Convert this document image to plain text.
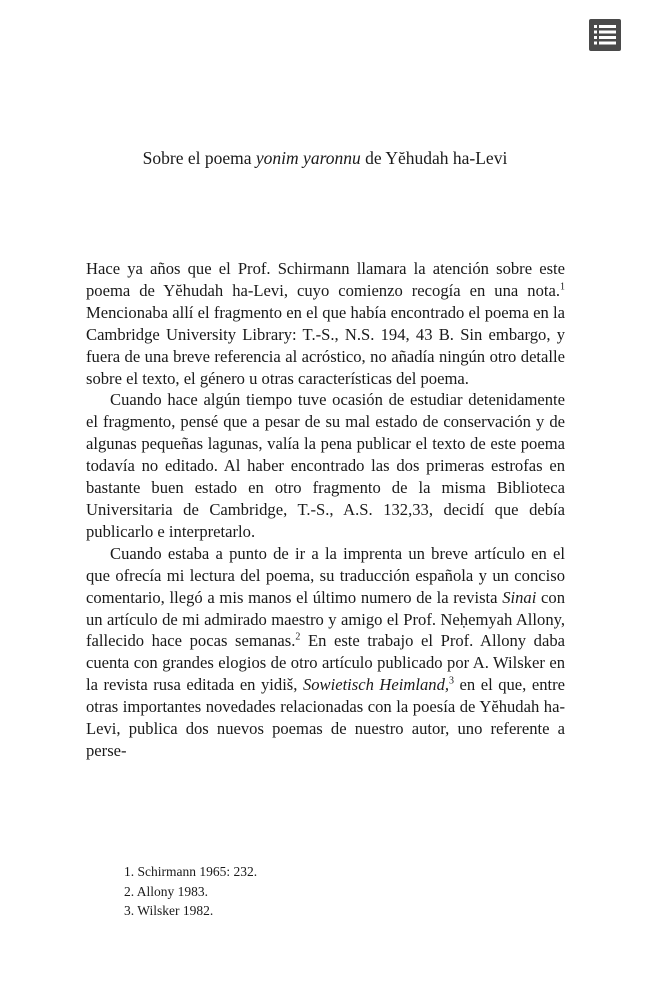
Sobre el poema yonim yaronnu de Yĕhudah ha-Levi

Hace ya años que el Prof. Schirmann llamara la atención sobre este poema de Yĕhudah ha-Levi, cuyo comienzo recogía en una nota.$^1$ Mencionaba allí el fragmento en el que había encontrado el poema en la Cambridge University Library: T.-S., N.S. 194, 43 B. Sin embargo, y fuera de una breve referencia al acróstico, no añadía ningún otro detalle sobre el texto, el género u otras características del poema.

Cuando hace algún tiempo tuve ocasión de estudiar detenidamente el fragmento, pensé que a pesar de su mal estado de conservación y de algunas pequeñas lagunas, valía la pena publicar el texto de este poema todavía no editado. Al haber encontrado las dos primeras estrofas en bastante buen estado en otro fragmento de la misma Biblioteca Universitaria de Cambridge, T.-S., A.S. 132,33, decidí que debía publicarlo e interpretarlo.

Cuando estaba a punto de ir a la imprenta un breve artículo en el que ofrecía mi lectura del poema, su traducción española y un conciso comentario, llegó a mis manos el último numero de la revista Sinai con un artículo de mi admirado maestro y amigo el Prof. Neḥemyah Allony, fallecido hace pocas semanas.$^2$ En este trabajo el Prof. Allony daba cuenta con grandes elogios de otro artículo publicado por A. Wilsker en la revista rusa editada en yidiš, Sowietisch Heimland,$^3$ en el que, entre otras importantes novedades relacionadas con la poesía de Yĕhudah ha-Levi, publica dos nuevos poemas de nuestro autor, uno referente a perse-

1. Schirmann 1965: 232.
2. Allony 1983.
3. Wilsker 1982.
